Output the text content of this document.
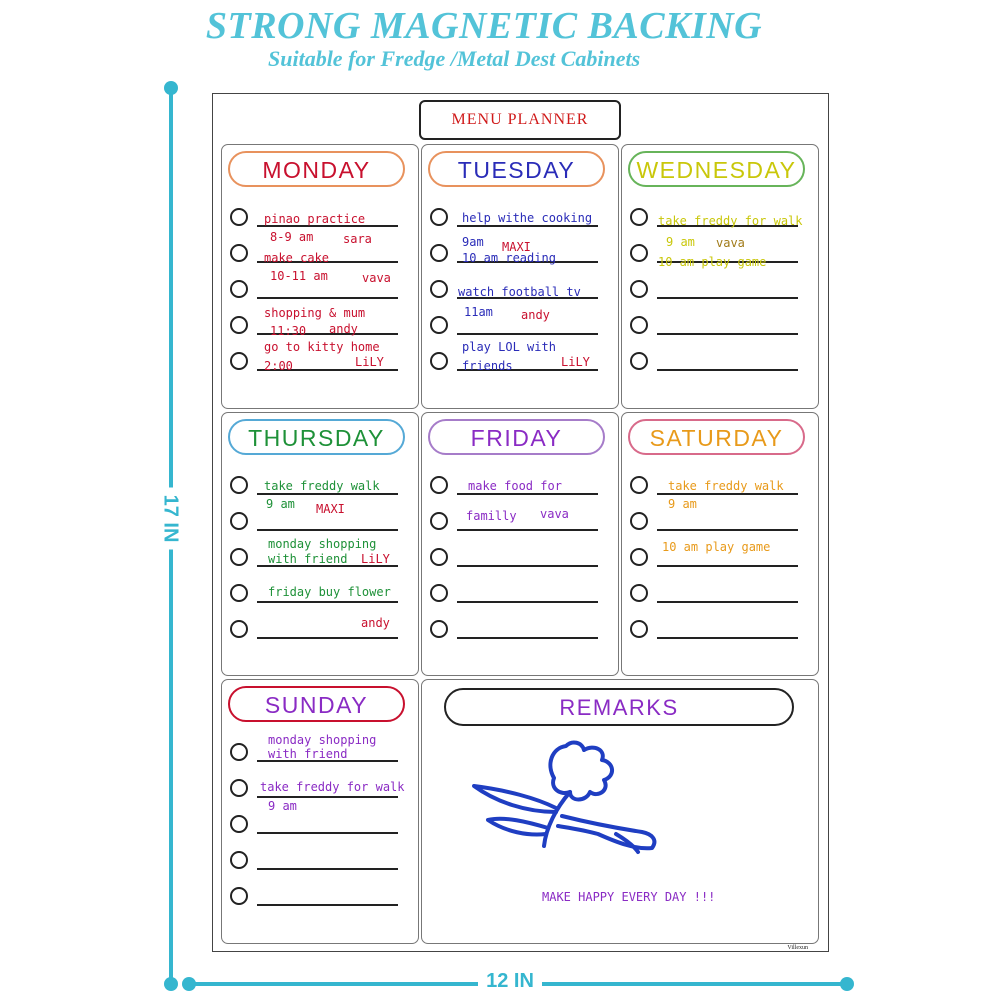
STRONG MAGNETIC BACKING
Suitable for Fredge /Metal Dest Cabinets
17 IN
12 IN
MENU PLANNER
MONDAY
pinao practice
8-9 am sara
make cake
10-11 am	vava
shopping & mum
11:30 andy
go to kitty home
LiLY
2:00
TUESDAY
help withe cooking
9am MAXI
10 am reading
watch football tv
11am andy
play LOL with
LiLY
friends
WEDNESDAY
take freddy for walk
9 am vava
10 am play game
THURSDAY
take freddy walk
9 am MAXI
monday shopping
with friend LiLY
friday buy flower
andy
FRIDAY
make food for
familly vava
SATURDAY
take freddy walk
9 am
10 am play game
SUNDAY
monday shopping
with friend
take freddy for walk
9 am
REMARKS
MAKE HAPPY EVERY DAY !!!
Villexun
